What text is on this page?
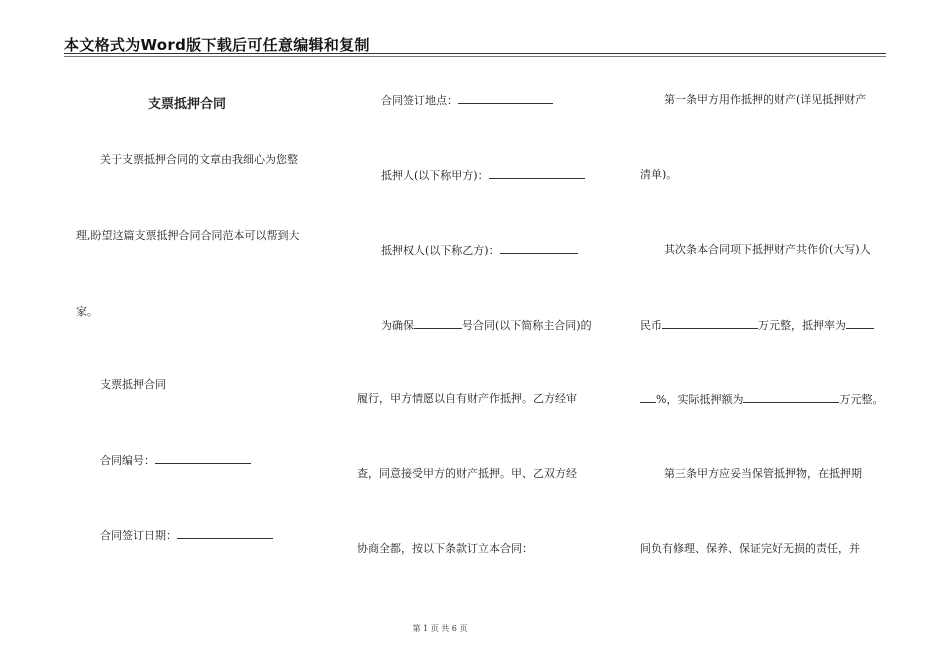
本文格式为Word版下载后可任意编辑和复制
支票抵押合同
关于支票抵押合同的文章由我细心为您整
理,盼望这篇支票抵押合同合同范本可以帮到大
家。
支票抵押合同
合同编号：
合同签订日期：
合同签订地点：
抵押人(以下称甲方)：
抵押权人(以下称乙方)：
为确保	号合同(以下简称主合同)的
履行，甲方情愿以自有财产作抵押。乙方经审
查，同意接受甲方的财产抵押。甲、乙双方经
协商全都，按以下条款订立本合同：
第一条甲方用作抵押的财产(详见抵押财产
清单)。
其次条本合同项下抵押财产共作价(大写)人
民币	万元整，抵押率为
%，实际抵押额为	万元整。
第三条甲方应妥当保管抵押物，在抵押期
间负有修理、保养、保证完好无损的责任，并
第 1 页 共 6 页
